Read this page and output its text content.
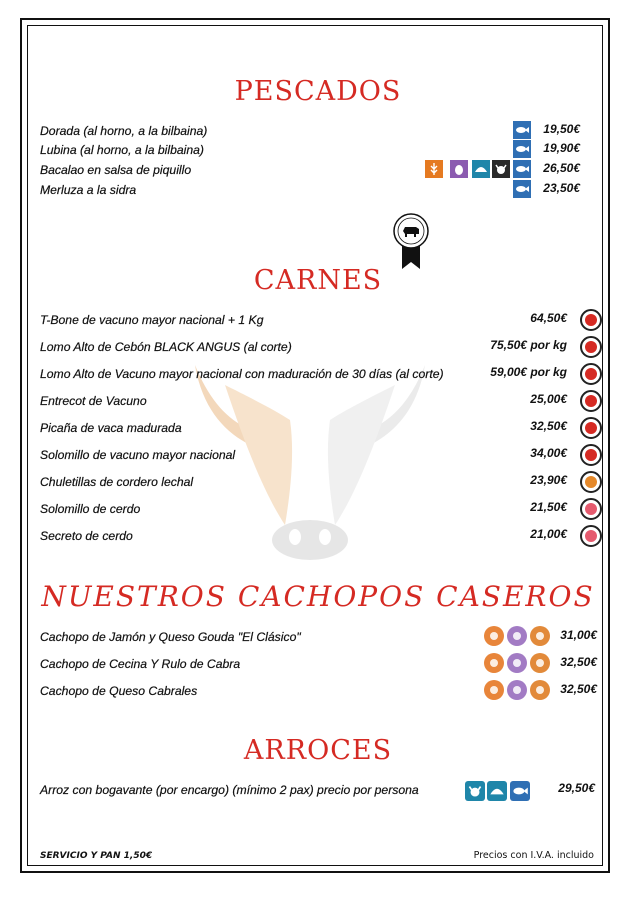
PESCADOS
Dorada (al horno, a la bilbaina)	19,50€
Lubina (al horno, a la bilbaina)	19,90€
Bacalao en salsa de piquillo	26,50€
Merluza a la sidra	23,50€
CARNES
T-Bone de vacuno mayor nacional + 1 Kg	64,50€
Lomo Alto de Cebón BLACK ANGUS (al corte)	75,50€ por kg
Lomo Alto de Vacuno mayor nacional con maduración de 30 días (al corte)	59,00€ por kg
Entrecot de Vacuno	25,00€
Picaña de vaca madurada	32,50€
Solomillo de vacuno mayor nacional	34,00€
Chuletillas de cordero lechal	23,90€
Solomillo de cerdo	21,50€
Secreto de cerdo	21,00€
NUESTROS CACHOPOS CASEROS
Cachopo de Jamón y Queso Gouda "El Clásico"	31,00€
Cachopo de Cecina Y Rulo de Cabra	32,50€
Cachopo de Queso Cabrales	32,50€
ARROCES
Arroz con bogavante (por encargo) (mínimo 2 pax) precio por persona	29,50€
SERVICIO Y PAN 1,50€	Precios con I.V.A. incluido
